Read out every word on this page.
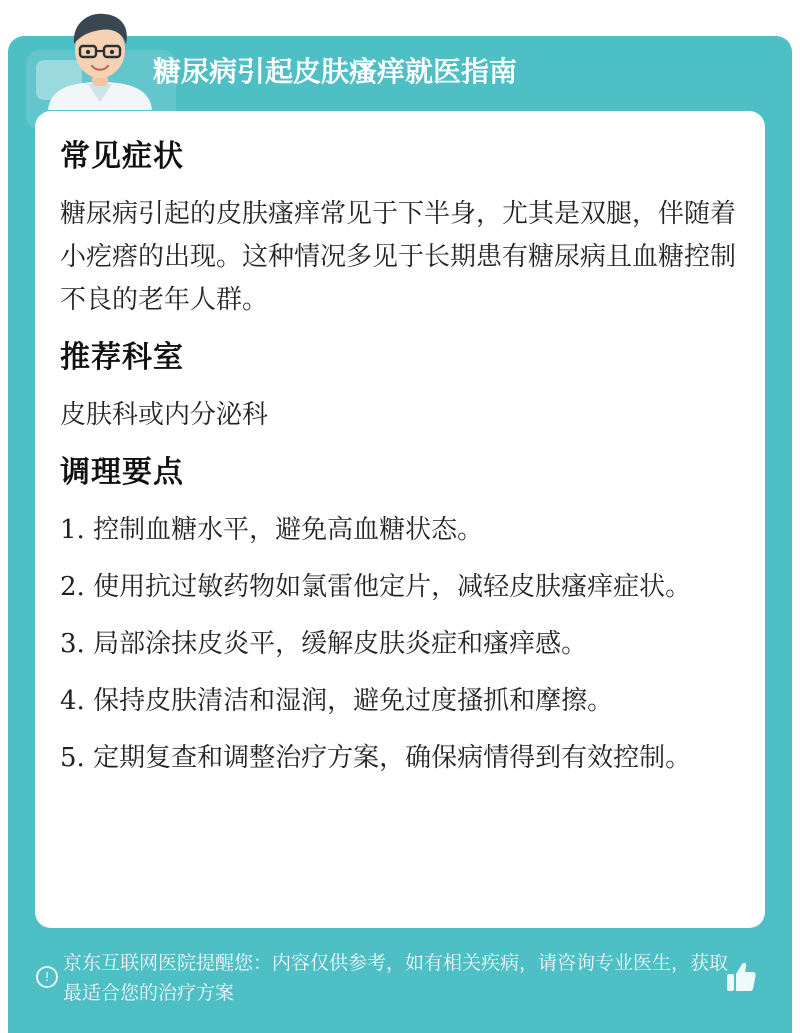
糖尿病引起皮肤瘙痒就医指南
常见症状

糖尿病引起的皮肤瘙痒常见于下半身，尤其是双腿，伴随着小疙瘩的出现。这种情况多见于长期患有糖尿病且血糖控制不良的老年人群。

推荐科室

皮肤科或内分泌科

调理要点
1. 控制血糖水平，避免高血糖状态。
2. 使用抗过敏药物如氯雷他定片，减轻皮肤瘙痒症状。
3. 局部涂抹皮炎平，缓解皮肤炎症和瘙痒感。
4. 保持皮肤清洁和湿润，避免过度搔抓和摩擦。
5. 定期复查和调整治疗方案，确保病情得到有效控制。
!
京东互联网医院提醒您：内容仅供参考，如有相关疾病，请咨询专业医生，获取最适合您的治疗方案
